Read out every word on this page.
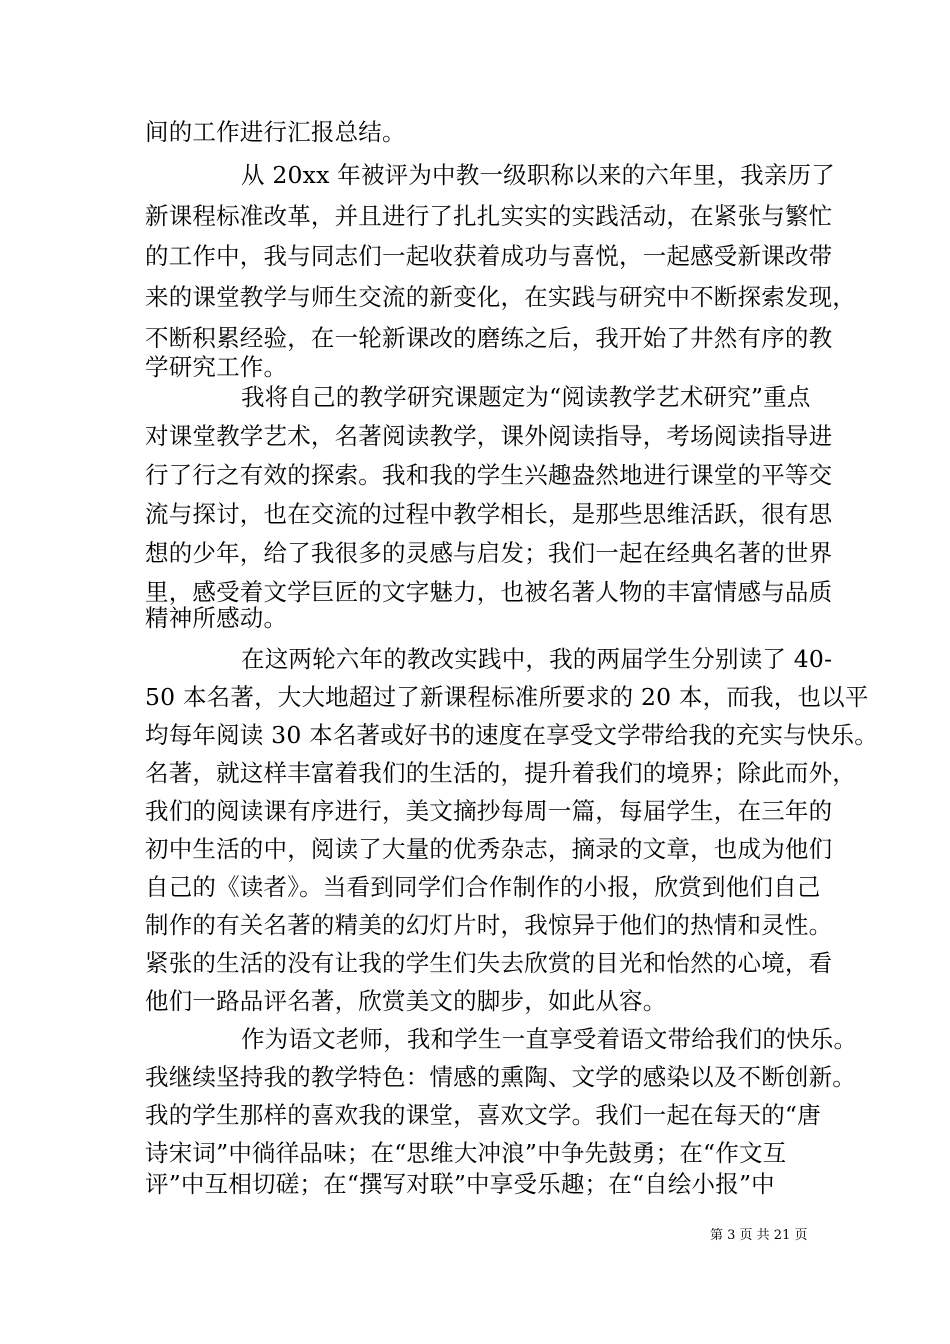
间的工作进行汇报总结。
从 20xx 年被评为中教一级职称以来的六年里，我亲历了
新课程标准改革，并且进行了扎扎实实的实践活动，在紧张与繁忙
的工作中，我与同志们一起收获着成功与喜悦，一起感受新课改带
来的课堂教学与师生交流的新变化，在实践与研究中不断探索发现，
不断积累经验，在一轮新课改的磨练之后，我开始了井然有序的教
学研究工作。
我将自己的教学研究课题定为“阅读教学艺术研究”重点
对课堂教学艺术，名著阅读教学，课外阅读指导，考场阅读指导进
行了行之有效的探索。我和我的学生兴趣盎然地进行课堂的平等交
流与探讨，也在交流的过程中教学相长，是那些思维活跃，很有思
想的少年，给了我很多的灵感与启发；我们一起在经典名著的世界
里，感受着文学巨匠的文字魅力，也被名著人物的丰富情感与品质
精神所感动。
在这两轮六年的教改实践中，我的两届学生分别读了 40-
50 本名著，大大地超过了新课程标准所要求的 20 本，而我，也以平
均每年阅读 30 本名著或好书的速度在享受文学带给我的充实与快乐。
名著，就这样丰富着我们的生活的，提升着我们的境界；除此而外，
我们的阅读课有序进行，美文摘抄每周一篇，每届学生，在三年的
初中生活的中，阅读了大量的优秀杂志，摘录的文章，也成为他们
自己的《读者》。当看到同学们合作制作的小报，欣赏到他们自己
制作的有关名著的精美的幻灯片时，我惊异于他们的热情和灵性。
紧张的生活的没有让我的学生们失去欣赏的目光和怡然的心境，看
他们一路品评名著，欣赏美文的脚步，如此从容。
作为语文老师，我和学生一直享受着语文带给我们的快乐。
我继续坚持我的教学特色：情感的熏陶、文学的感染以及不断创新。
我的学生那样的喜欢我的课堂，喜欢文学。我们一起在每天的“唐
诗宋词”中徜徉品味；在“思维大冲浪”中争先鼓勇；在“作文互
评”中互相切磋；在“撰写对联”中享受乐趣；在“自绘小报”中
第 3 页 共 21 页
